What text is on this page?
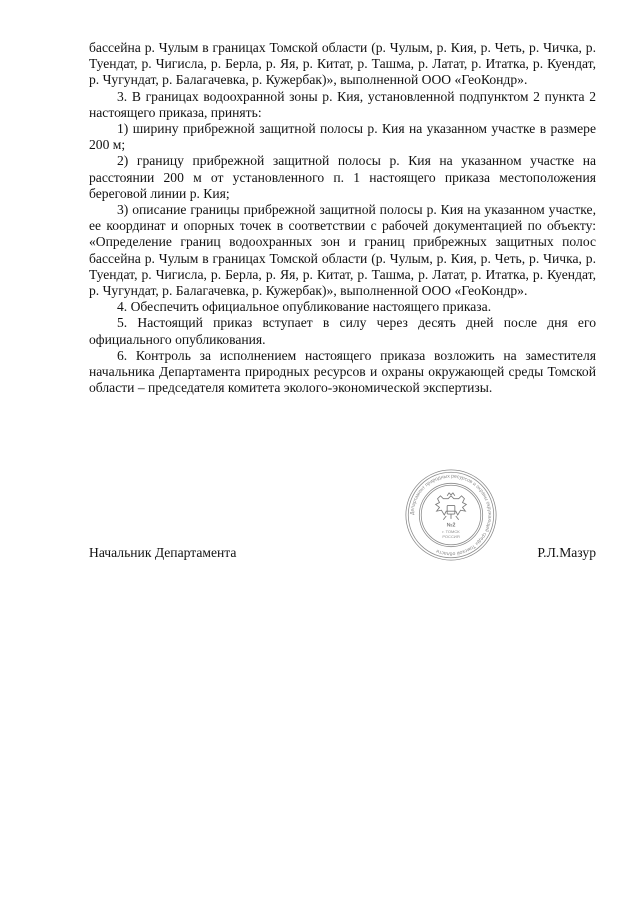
бассейна р. Чулым в границах Томской области (р. Чулым, р. Кия, р. Четь, р. Чичка, р. Туендат, р. Чигисла, р. Берла, р. Яя, р. Китат, р. Ташма, р. Латат, р. Итатка, р. Куендат, р. Чугундат, р. Балагачевка, р. Кужербак)», выполненной ООО «ГеоКондр».

3. В границах водоохранной зоны р. Кия, установленной подпунктом 2 пункта 2 настоящего приказа, принять:

1) ширину прибрежной защитной полосы р. Кия на указанном участке в размере 200 м;

2) границу прибрежной защитной полосы р. Кия на указанном участке на расстоянии 200 м от установленного п. 1 настоящего приказа местоположения береговой линии р. Кия;

3) описание границы прибрежной защитной полосы р. Кия на указанном участке, ее координат и опорных точек в соответствии с рабочей документацией по объекту: «Определение границ водоохранных зон и границ прибрежных защитных полос бассейна р. Чулым в границах Томской области (р. Чулым, р. Кия, р. Четь, р. Чичка, р. Туендат, р. Чигисла, р. Берла, р. Яя, р. Китат, р. Ташма, р. Латат, р. Итатка, р. Куендат, р. Чугундат, р. Балагачевка, р. Кужербак)», выполненной ООО «ГеоКондр».

4. Обеспечить официальное опубликование настоящего приказа.

5. Настоящий приказ вступает в силу через десять дней после дня его официального опубликования.

6. Контроль за исполнением настоящего приказа возложить на заместителя начальника Департамента природных ресурсов и охраны окружающей среды Томской области – председателя комитета эколого-экономической экспертизы.

Департамент природных ресурсов и охраны окружающей среды Томской области
№2
г. ТОМСК
РОССИЯ
Начальник Департамента	Р.Л.Мазур
